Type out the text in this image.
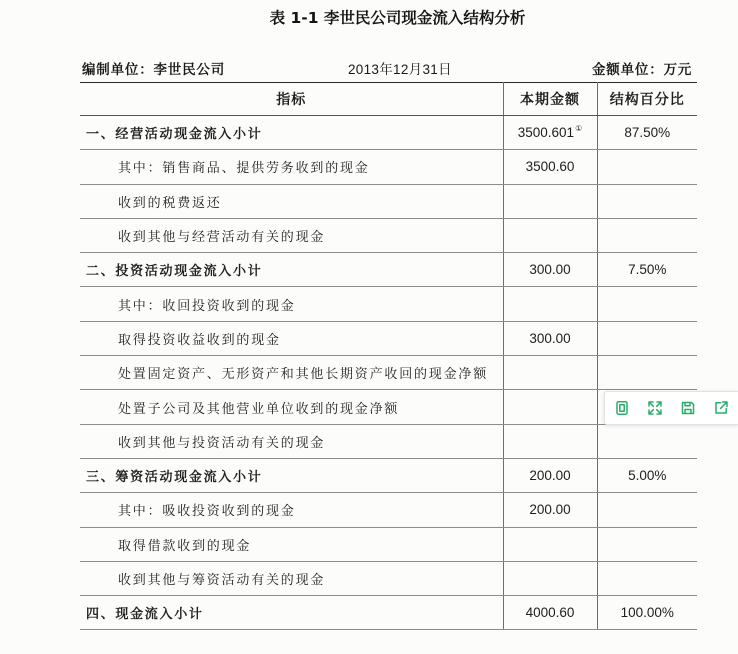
表 1-1 李世民公司现金流入结构分析
编制单位：李世民公司	2013年12月31日	金额单位：万元
指标	本期金额	结构百分比
一、经营活动现金流入小计	3500.601①	87.50%
其中：销售商品、提供劳务收到的现金	3500.60	
收到的税费返还		
收到其他与经营活动有关的现金		
二、投资活动现金流入小计	300.00	7.50%
其中：收回投资收到的现金		
取得投资收益收到的现金	300.00	
处置固定资产、无形资产和其他长期资产收回的现金净额		
处置子公司及其他营业单位收到的现金净额		
收到其他与投资活动有关的现金		
三、筹资活动现金流入小计	200.00	5.00%
其中：吸收投资收到的现金	200.00	
取得借款收到的现金		
收到其他与筹资活动有关的现金		
四、现金流入小计	4000.60	100.00%
